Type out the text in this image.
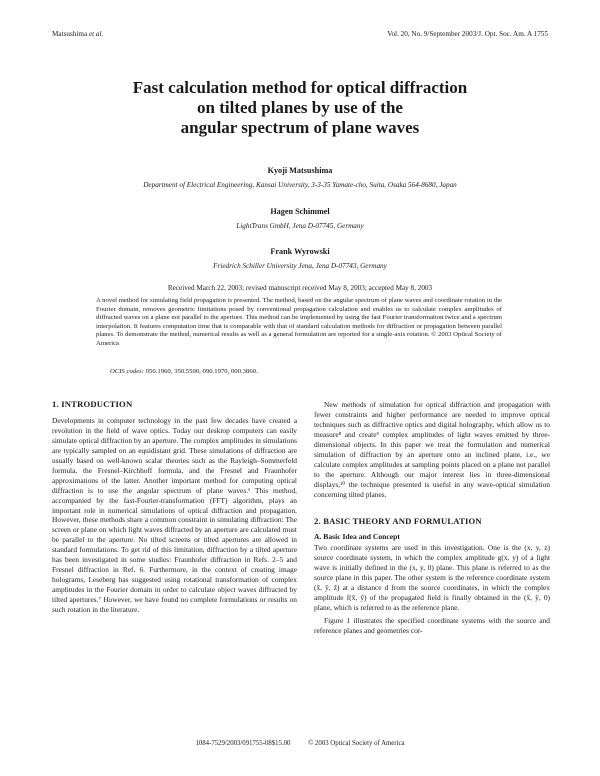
Matsushima et al.	Vol. 20, No. 9/September 2003/J. Opt. Soc. Am. A 1755

Fast calculation method for optical diffraction

on tilted planes by use of the

angular spectrum of plane waves

Kyoji Matsushima
Department of Electrical Engineering, Kansai University, 3-3-35 Yamate-cho, Suita, Osaka 564-8680, Japan
Hagen Schimmel
LightTrans GmbH, Jena D-07745, Germany
Frank Wyrowski
Friedrich Schiller University Jena, Jena D-07743, Germany
Received March 22, 2003; revised manuscript received May 8, 2003; accepted May 8, 2003
A novel method for simulating field propagation is presented. The method, based on the angular spectrum of plane waves and coordinate rotation in the Fourier domain, removes geometric limitations posed by conventional propagation calculation and enables us to calculate complex amplitudes of diffracted waves on a plane not parallel to the aperture. This method can be implemented by using the fast Fourier transformation twice and a spectrum interpolation. It features computation time that is comparable with that of standard calculation methods for diffraction or propagation between parallel planes. To demonstrate the method, numerical results as well as a general formulation are reported for a single-axis rotation. © 2003 Optical Society of America
OCIS codes: 050.1960, 350.5500, 090.1970, 000.3860.

1. INTRODUCTION

Developments in computer technology in the past few decades have created a revolution in the field of wave optics. Today our desktop computers can easily simulate optical diffraction by an aperture. The complex amplitudes in simulations are typically sampled on an equidistant grid. These simulations of diffraction are usually based on well-known scalar theories such as the Rayleigh–Sommerfeld formula, the Fresnel–Kirchhoff formula, and the Fresnel and Fraunhofer approximations of the latter. Another important method for computing optical diffraction is to use the angular spectrum of plane waves.¹ This method, accompanied by the fast-Fourier-transformation (FFT) algorithm, plays an important role in numerical simulations of optical diffraction and propagation. However, these methods share a common constraint in simulating diffraction: The screen or plane on which light waves diffracted by an aperture are calculated must be parallel to the aperture. No tilted screens or tilted apertures are allowed in standard formulations. To get rid of this limitation, diffraction by a tilted aperture has been investigated in some studies: Fraunhofer diffraction in Refs. 2–5 and Fresnel diffraction in Ref. 6. Furthermore, in the context of creating image holograms, Leseberg has suggested using rotational transformation of complex amplitudes in the Fourier domain in order to calculate object waves diffracted by tilted apertures.⁷ However, we have found no complete formulations or results on such rotation in the literature.

New methods of simulation for optical diffraction and propagation with fewer constraints and higher performance are needed to improve optical techniques such as diffractive optics and digital holography, which allow us to measure⁸ and create⁹ complex amplitudes of light waves emitted by three-dimensional objects. In this paper we treat the formulation and numerical simulation of diffraction by an aperture onto an inclined plane, i.e., we calculate complex amplitudes at sampling points placed on a plane not parallel to the aperture. Although our major interest lies in three-dimensional displays,¹⁰ the technique presented is useful in any wave-optical simulation concerning tilted planes.

2. BASIC THEORY AND FORMULATION

A. Basic Idea and Concept

Two coordinate systems are used in this investigation. One is the (x, y, z) source coordinate system, in which the complex amplitude g(x, y) of a light wave is initially defined in the (x, y, 0) plane. This plane is referred to as the source plane in this paper. The other system is the reference coordinate system (x̂, ŷ, ẑ) at a distance d from the source coordinates, in which the complex amplitude f(x̂, ŷ) of the propagated field is finally obtained in the (x̂, ŷ, 0) plane, which is referred to as the reference plane.

Figure 1 illustrates the specified coordinate systems with the source and reference planes and geometries cor-

1084-7529/2003/091755-08$15.00	© 2003 Optical Society of America
